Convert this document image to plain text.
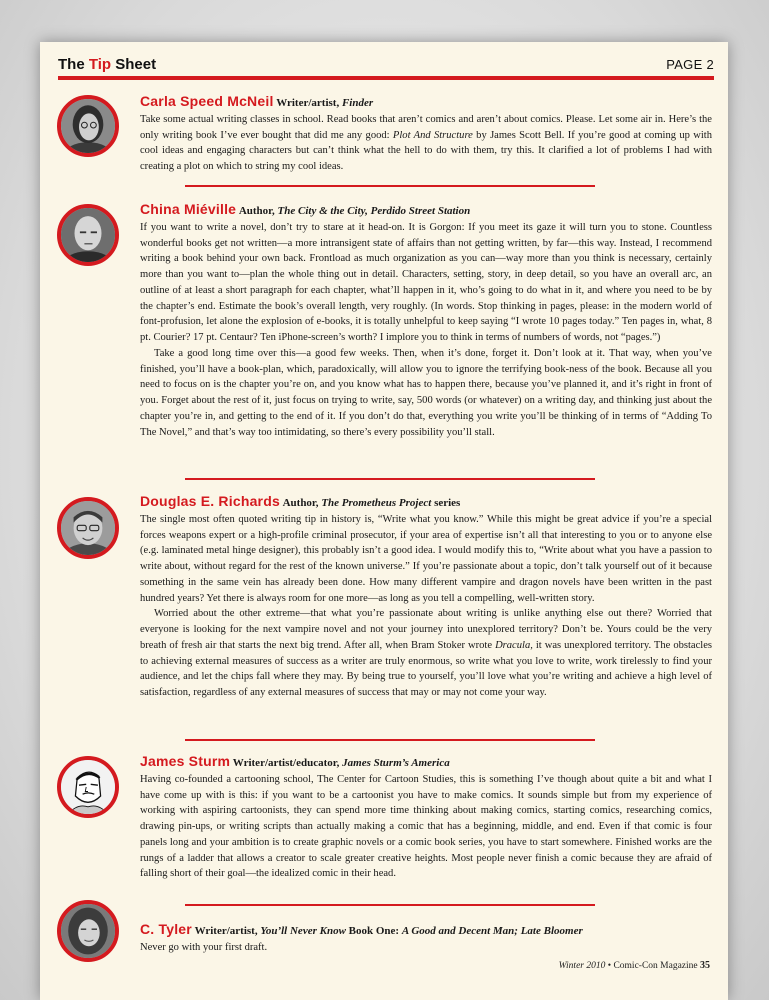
The Tip Sheet	PAGE 2

Carla Speed McNeil Writer/artist, Finder
Take some actual writing classes in school. Read books that aren’t comics and aren’t about comics. Please. Let some air in. Here’s the only writing book I’ve ever bought that did me any good: Plot And Structure by James Scott Bell. If you’re good at coming up with cool ideas and engaging characters but can’t think what the hell to do with them, try this. It clarified a lot of problems I had with creating a plot on which to string my cool ideas.

China Miéville Author, The City & the City, Perdido Street Station
If you want to write a novel, don’t try to stare at it head-on. It is Gorgon: If you meet its gaze it will turn you to stone. Countless wonderful books get not written—a more intransigent state of affairs than not getting written, by far—this way. Instead, I recommend writing a book behind your own back. Frontload as much organization as you can—way more than you think is necessary, certainly more than you want to—plan the whole thing out in detail. Characters, setting, story, in deep detail, so you have an overall arc, an outline of at least a short paragraph for each chapter, what’ll happen in it, who’s going to do what in it, and where you need to be by the chapter’s end. Estimate the book’s overall length, very roughly. (In words. Stop thinking in pages, please: in the modern world of font-profusion, let alone the explosion of e-books, it is totally unhelpful to keep saying “I wrote 10 pages today.” Ten pages in, what, 8 pt. Courier? 17 pt. Centaur? Ten iPhone-screen’s worth? I implore you to think in terms of numbers of words, not “pages.”)

Take a good long time over this—a good few weeks. Then, when it’s done, forget it. Don’t look at it. That way, when you’ve finished, you’ll have a book-plan, which, paradoxically, will allow you to ignore the terrifying book-ness of the book. Because all you need to focus on is the chapter you’re on, and you know what has to happen there, because you’ve planned it, and it’s right in front of you. Forget about the rest of it, just focus on trying to write, say, 500 words (or whatever) on a writing day, and thinking just about the chapter you’re in, and getting to the end of it. If you don’t do that, everything you write you’ll be thinking of in terms of “Adding To The Novel,” and that’s way too intimidating, so there’s every possibility you’ll stall.

Douglas E. Richards Author, The Prometheus Project series
The single most often quoted writing tip in history is, “Write what you know.” While this might be great advice if you’re a special forces weapons expert or a high-profile criminal prosecutor, if your area of expertise isn’t all that interesting to you or to anyone else (e.g. laminated metal hinge designer), this probably isn’t a good idea. I would modify this to, “Write about what you have a passion to write about, without regard for the rest of the known universe.” If you’re passionate about a topic, don’t talk yourself out of it because something in the same vein has already been done. How many different vampire and dragon novels have been written in the past hundred years? Yet there is always room for one more—as long as you tell a compelling, well-written story.

Worried about the other extreme—that what you’re passionate about writing is unlike anything else out there? Worried that everyone is looking for the next vampire novel and not your journey into unexplored territory? Don’t be. Yours could be the very breath of fresh air that starts the next big trend. After all, when Bram Stoker wrote Dracula, it was unexplored territory. The obstacles to achieving external measures of success as a writer are truly enormous, so write what you love to write, work tirelessly to find your audience, and let the chips fall where they may. By being true to yourself, you’ll love what you’re writing and achieve a high level of satisfaction, regardless of any external measures of success that may or may not come your way.

James Sturm Writer/artist/educator, James Sturm’s America
Having co-founded a cartooning school, The Center for Cartoon Studies, this is something I’ve though about quite a bit and what I have come up with is this: if you want to be a cartoonist you have to make comics. It sounds simple but from my experience of working with aspiring cartoonists, they can spend more time thinking about making comics, starting comics, researching comics, drawing pin-ups, or writing scripts than actually making a comic that has a beginning, middle, and end. Even if that comic is four panels long and your ambition is to create graphic novels or a comic book series, you have to start somewhere. Finished works are the rungs of a ladder that allows a creator to scale greater creative heights. Most people never finish a comic because they are afraid of falling short of their goal—the idealized comic in their head.

C. Tyler Writer/artist, You’ll Never Know Book One: A Good and Decent Man; Late Bloomer
Never go with your first draft.

Winter 2010 • Comic-Con Magazine 35
